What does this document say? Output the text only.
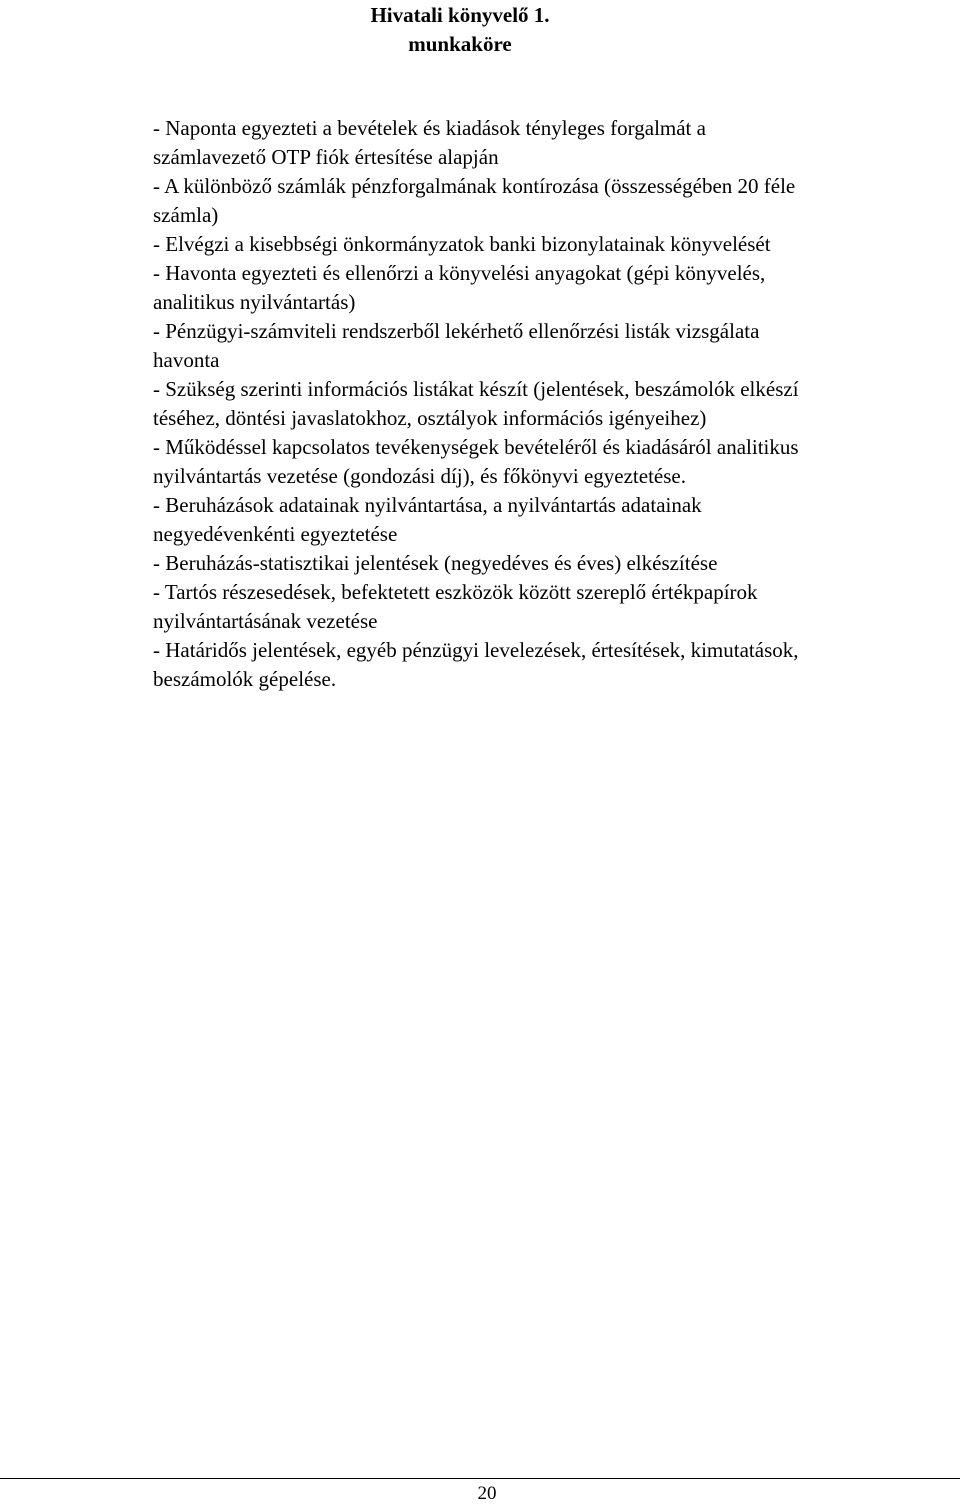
Hivatali könyvelő 1.
munkaköre
- Naponta egyezteti a bevételek és kiadások tényleges forgalmát a
számlavezető OTP fiók értesítése alapján
- A különböző számlák pénzforgalmának kontírozása (összességében 20 féle
számla)
- Elvégzi a kisebbségi önkormányzatok banki bizonylatainak könyvelését
- Havonta egyezteti és ellenőrzi a könyvelési anyagokat (gépi könyvelés,
analitikus nyilvántartás)
- Pénzügyi-számviteli rendszerből lekérhető ellenőrzési listák vizsgálata
havonta
- Szükség szerinti információs listákat készít (jelentések, beszámolók elkészí
téséhez, döntési javaslatokhoz, osztályok információs igényeihez)
- Működéssel kapcsolatos tevékenységek bevételéről és kiadásáról analitikus
nyilvántartás vezetése (gondozási díj), és főkönyvi egyeztetése.
- Beruházások adatainak nyilvántartása, a nyilvántartás adatainak
negyedévenkénti egyeztetése
- Beruházás-statisztikai jelentések (negyedéves és éves) elkészítése
- Tartós részesedések, befektetett eszközök között szereplő értékpapírok
nyilvántartásának vezetése
- Határidős jelentések, egyéb pénzügyi levelezések, értesítések, kimutatások,
beszámolók gépelése.
20
